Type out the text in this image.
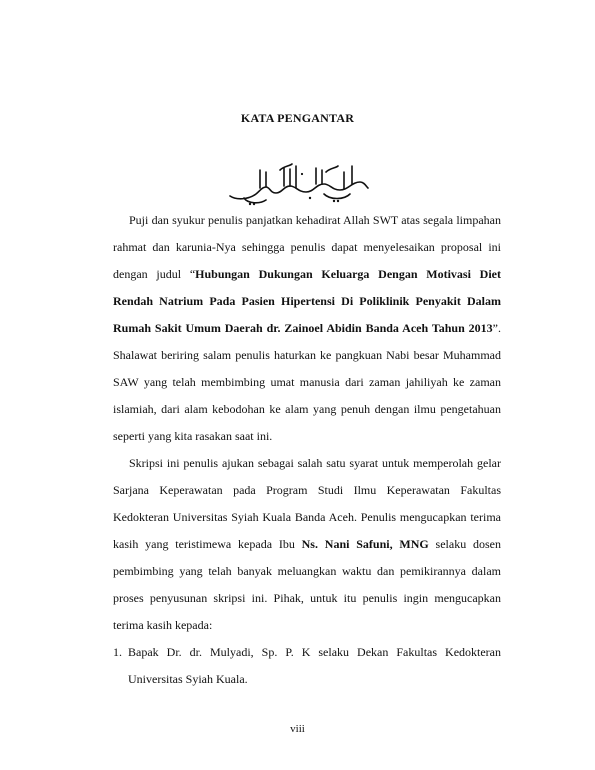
KATA PENGANTAR
بِسْمِ اللهِ الرَّحْمٰنِ الرَّحِيْمِ

Puji dan syukur penulis panjatkan kehadirat Allah SWT atas segala limpahan rahmat dan karunia-Nya sehingga penulis dapat menyelesaikan proposal ini dengan judul “Hubungan Dukungan Keluarga Dengan Motivasi Diet Rendah Natrium Pada Pasien Hipertensi Di Poliklinik Penyakit Dalam Rumah Sakit Umum Daerah dr. Zainoel Abidin Banda Aceh Tahun 2013”. Shalawat beriring salam penulis haturkan ke pangkuan Nabi besar Muhammad SAW yang telah membimbing umat manusia dari zaman jahiliyah ke zaman islamiah, dari alam kebodohan ke alam yang penuh dengan ilmu pengetahuan seperti yang kita rasakan saat ini.

Skripsi ini penulis ajukan sebagai salah satu syarat untuk memperolah gelar Sarjana Keperawatan pada Program Studi Ilmu Keperawatan Fakultas Kedokteran Universitas Syiah Kuala Banda Aceh. Penulis mengucapkan terima kasih yang teristimewa kepada Ibu Ns. Nani Safuni, MNG selaku dosen pembimbing yang telah banyak meluangkan waktu dan pemikirannya dalam proses penyusunan skripsi ini. Pihak, untuk itu penulis ingin mengucapkan terima kasih kepada:

1. Bapak Dr. dr. Mulyadi, Sp. P. K selaku Dekan Fakultas Kedokteran Universitas Syiah Kuala.
viii
